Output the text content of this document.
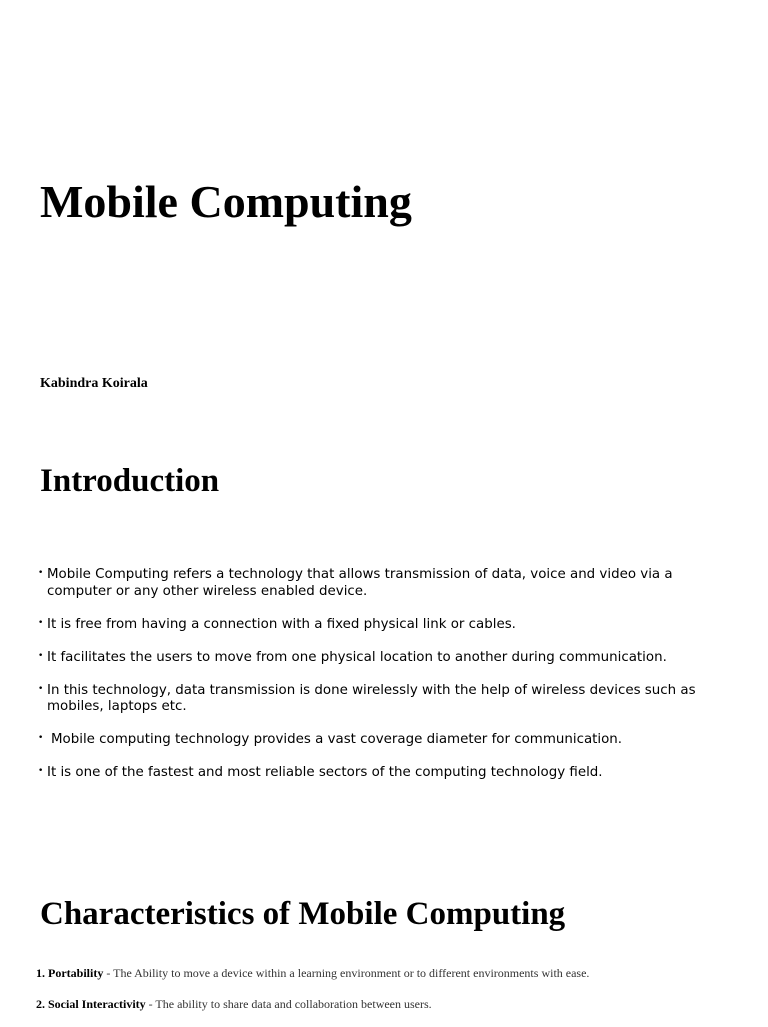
Mobile Computing

Kabindra Koirala

Introduction
• Mobile Computing refers a technology that allows transmission of data, voice and video via a computer or any other wireless enabled device.
• It is free from having a connection with a fixed physical link or cables.
• It facilitates the users to move from one physical location to another during communication.
• In this technology, data transmission is done wirelessly with the help of wireless devices such as mobiles, laptops etc.
• Mobile computing technology provides a vast coverage diameter for communication.
• It is one of the fastest and most reliable sectors of the computing technology field.
Characteristics of Mobile Computing
1. Portability - The Ability to move a device within a learning environment or to different environments with ease.
2. Social Interactivity - The ability to share data and collaboration between users.
